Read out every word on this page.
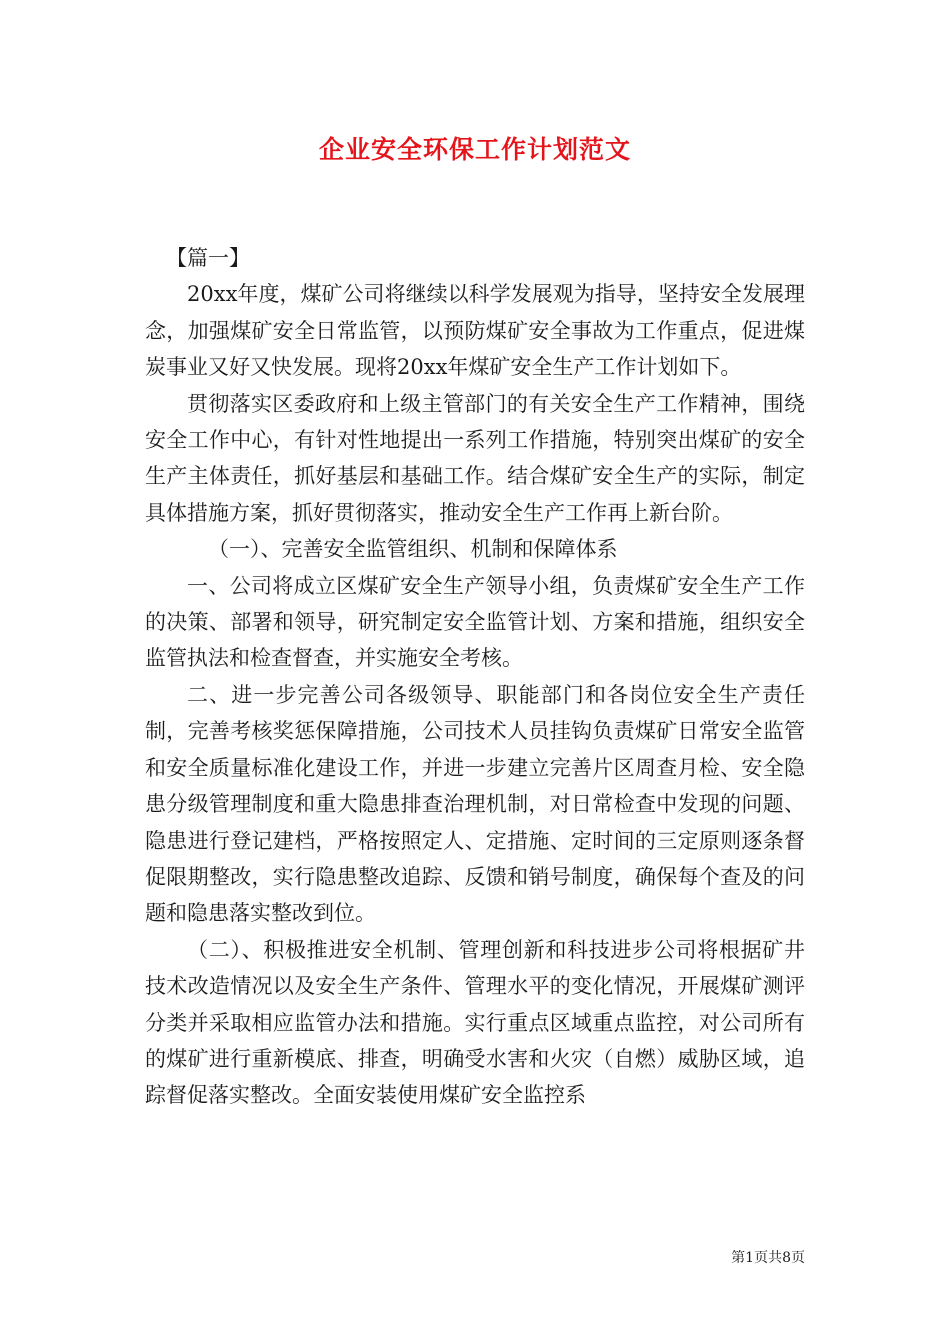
企业安全环保工作计划范文

【篇一】

20xx年度，煤矿公司将继续以科学发展观为指导，坚持安全发展理念，加强煤矿安全日常监管，以预防煤矿安全事故为工作重点，促进煤炭事业又好又快发展。现将20xx年煤矿安全生产工作计划如下。

贯彻落实区委政府和上级主管部门的有关安全生产工作精神，围绕安全工作中心，有针对性地提出一系列工作措施，特别突出煤矿的安全生产主体责任，抓好基层和基础工作。结合煤矿安全生产的实际，制定具体措施方案，抓好贯彻落实，推动安全生产工作再上新台阶。

（一）、完善安全监管组织、机制和保障体系

一、公司将成立区煤矿安全生产领导小组，负责煤矿安全生产工作的决策、部署和领导，研究制定安全监管计划、方案和措施，组织安全监管执法和检查督查，并实施安全考核。

二、进一步完善公司各级领导、职能部门和各岗位安全生产责任制，完善考核奖惩保障措施，公司技术人员挂钩负责煤矿日常安全监管和安全质量标准化建设工作，并进一步建立完善片区周查月检、安全隐患分级管理制度和重大隐患排查治理机制，对日常检查中发现的问题、隐患进行登记建档，严格按照定人、定措施、定时间的三定原则逐条督促限期整改，实行隐患整改追踪、反馈和销号制度，确保每个查及的问题和隐患落实整改到位。

（二）、积极推进安全机制、管理创新和科技进步公司将根据矿井技术改造情况以及安全生产条件、管理水平的变化情况，开展煤矿测评分类并采取相应监管办法和措施。实行重点区域重点监控，对公司所有的煤矿进行重新模底、排查，明确受水害和火灾（自燃）威胁区域，追踪督促落实整改。全面安装使用煤矿安全监控系

第1页共8页
